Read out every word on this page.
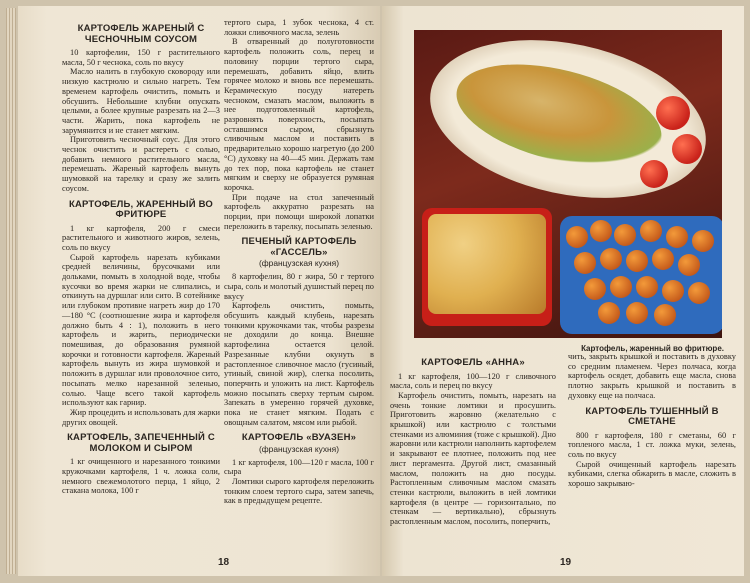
КАРТОФЕЛЬ ЖАРЕНЫЙ С ЧЕСНОЧНЫМ СОУСОМ

10 картофелин, 150 г растительного масла, 50 г чеснока, соль по вкусу

Масло налить в глубокую сковороду или низкую кастрюлю и сильно нагреть. Тем временем картофель очистить, помыть и обсушить. Небольшие клубни опускать целыми, а более крупные разрезать на 2—3 части. Жарить, пока картофель не зарумянится и не станет мягким.

Приготовить чесночный соус. Для этого чеснок очистить и растереть с солью, добавить немного растительного масла, перемешать. Жареный картофель вынуть шумовкой на тарелку и сразу же залить соусом.

КАРТОФЕЛЬ, ЖАРЕННЫЙ ВО ФРИТЮРЕ

1 кг картофеля, 200 г смеси растительного и животного жиров, зелень, соль по вкусу

Сырой картофель нарезать кубиками средней величины, брусочками или дольками, помыть в холодной воде, чтобы кусочки во время жарки не слипались, и откинуть на дуршлаг или сито. В сотейнике или глубоком противне нагреть жир до 170—180 °С (соотношение жира и картофеля должно быть 4 : 1), положить в него картофель и жарить, периодически помешивая, до образования румяной корочки и готовности картофеля. Жареный картофель вынуть из жира шумовкой и положить в дуршлаг или проволочное сито, посыпать мелко нарезанной зеленью, солью. Чаще всего такой картофель используют как гарнир.

Жир процедить и использовать для жарки других овощей.

КАРТОФЕЛЬ, ЗАПЕЧЕННЫЙ С МОЛОКОМ И СЫРОМ

1 кг очищенного и нарезанного тонкими кружочками картофеля, 1 ч. ложка соли, немного свежемолотого перца, 1 яйцо, 2 стакана молока, 100 г

тертого сыра, 1 зубок чеснока, 4 ст. ложки сливочного масла, зелень

В отваренный до полуготовности картофель положить соль, перец и половину порции тертого сыра, перемешать, добавить яйцо, влить горячее молоко и вновь все перемешать. Керамическую посуду натереть чесноком, смазать маслом, выложить в нее подготовленный картофель, разровнять поверхность, посыпать оставшимся сыром, сбрызнуть сливочным маслом и поставить в предварительно хорошо нагретую (до 200 °С) духовку на 40—45 мин. Держать там до тех пор, пока картофель не станет мягким и сверху не образуется румяная корочка.

При подаче на стол запеченный картофель аккуратно разрезать на порции, при помощи широкой лопатки переложить в тарелку, посыпать зеленью.

ПЕЧЕНЫЙ КАРТОФЕЛЬ «ГАССЕЛЬ»
(французская кухня)

8 картофелин, 80 г жира, 50 г тертого сыра, соль и молотый душистый перец по вкусу

Картофель очистить, помыть, обсушить каждый клубень, нарезать тонкими кружочками так, чтобы разрезы не доходили до конца. Внешне картофелина остается целой. Разрезанные клубни окунуть в растопленное сливочное масло (гусиный, утиный, свиной жир), слегка посолить, поперчить и уложить на лист. Картофель можно посыпать сверху тертым сыром. Запекать в умеренно горячей духовке, пока не станет мягким. Подать с овощным салатом, мясом или рыбой.

КАРТОФЕЛЬ «ВУАЗЕН»
(французская кухня)

1 кг картофеля, 100—120 г масла, 100 г сыра

Ломтики сырого картофеля переложить тонким слоем тертого сыра, затем запечь, как в предыдущем рецепте.

18
КАРТОФЕЛЬ «АННА»

1 кг картофеля, 100—120 г сливочного масла, соль и перец по вкусу

Картофель очистить, помыть, нарезать на очень тонкие ломтики и просушить. Приготовить жаровню (желательно с крышкой) или кастрюлю с толстыми стенками из алюминия (тоже с крышкой). Дно жаровни или кастрюли наполнить картофелем и закрывают ее плотнее, положить под нее лист пергамента. Другой лист, смазанный маслом, положить на дно посуды. Растопленным сливочным маслом смазать стенки кастрюли, выложить в ней ломтики картофеля (в центре — горизонтально, по стенкам — вертикально), сбрызнуть растопленным маслом, посолить, поперчить,

чить, закрыть крышкой и поставить в духовку со средним пламенем. Через полчаса, когда картофель осядет, добавить еще масла, снова плотно закрыть крышкой и поставить в духовку еще на полчаса.

КАРТОФЕЛЬ ТУШЕННЫЙ В СМЕТАНЕ

800 г картофеля, 180 г сметаны, 60 г топленого масла, 1 ст. ложка муки, зелень, соль по вкусу

Сырой очищенный картофель нарезать кубиками, слегка обжарить в масле, сложить в хорошо закрываю-

19
Картофель, жаренный во фритюре.
